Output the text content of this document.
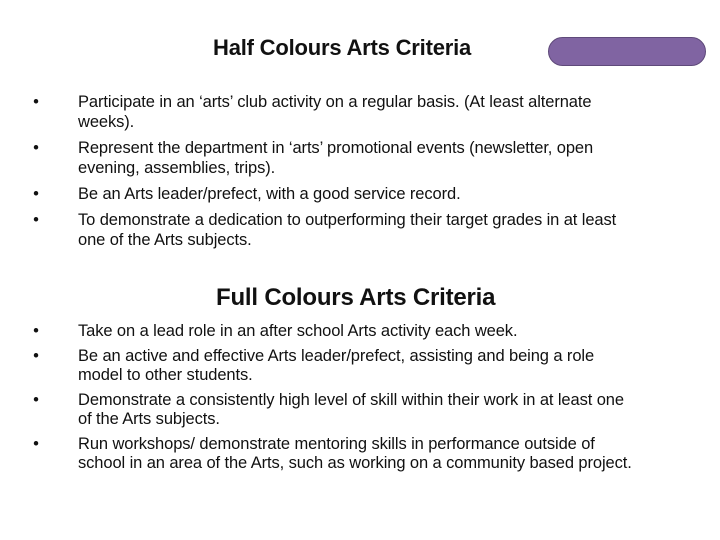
Half Colours Arts Criteria
•	Participate in an ‘arts’ club activity on a regular basis. (At least alternate weeks).
•	Represent the department in ‘arts’ promotional events (newsletter, open evening, assemblies, trips).
•	Be an Arts leader/prefect, with a good service record.
•	To demonstrate a dedication to outperforming their target grades in at least one of the Arts subjects.
Full Colours Arts Criteria
•	Take on a lead role in an after school Arts activity each week.
•	Be an active and effective Arts leader/prefect, assisting and being a role model to other students.
•	Demonstrate a consistently high level of skill within their work in at least one of the Arts subjects.
•	Run workshops/ demonstrate mentoring skills in performance outside of school in an area of the Arts, such as working on a community based project.
